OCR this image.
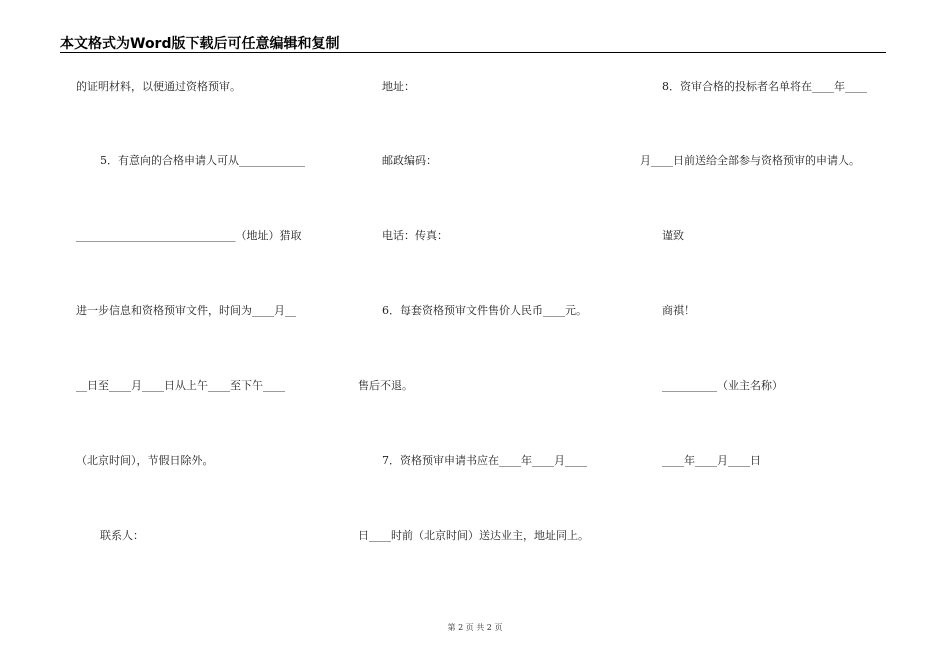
本文格式为Word版下载后可任意编辑和复制
的证明材料，以便通过资格预审。
5．有意向的合格申请人可从____________
_____________________________（地址）猎取
进一步信息和资格预审文件，时间为____月__
__日至____月____日从上午____至下午____
（北京时间），节假日除外。
联系人：
地址：
邮政编码：
电话：传真：
6．每套资格预审文件售价人民币____元。
售后不退。
7．资格预审申请书应在____年____月____
日____时前（北京时间）送达业主，地址同上。
8．资审合格的投标者名单将在____年____
月____日前送给全部参与资格预审的申请人。
谨致
商祺！
__________（业主名称）
____年____月____日
第 2 页 共 2 页
